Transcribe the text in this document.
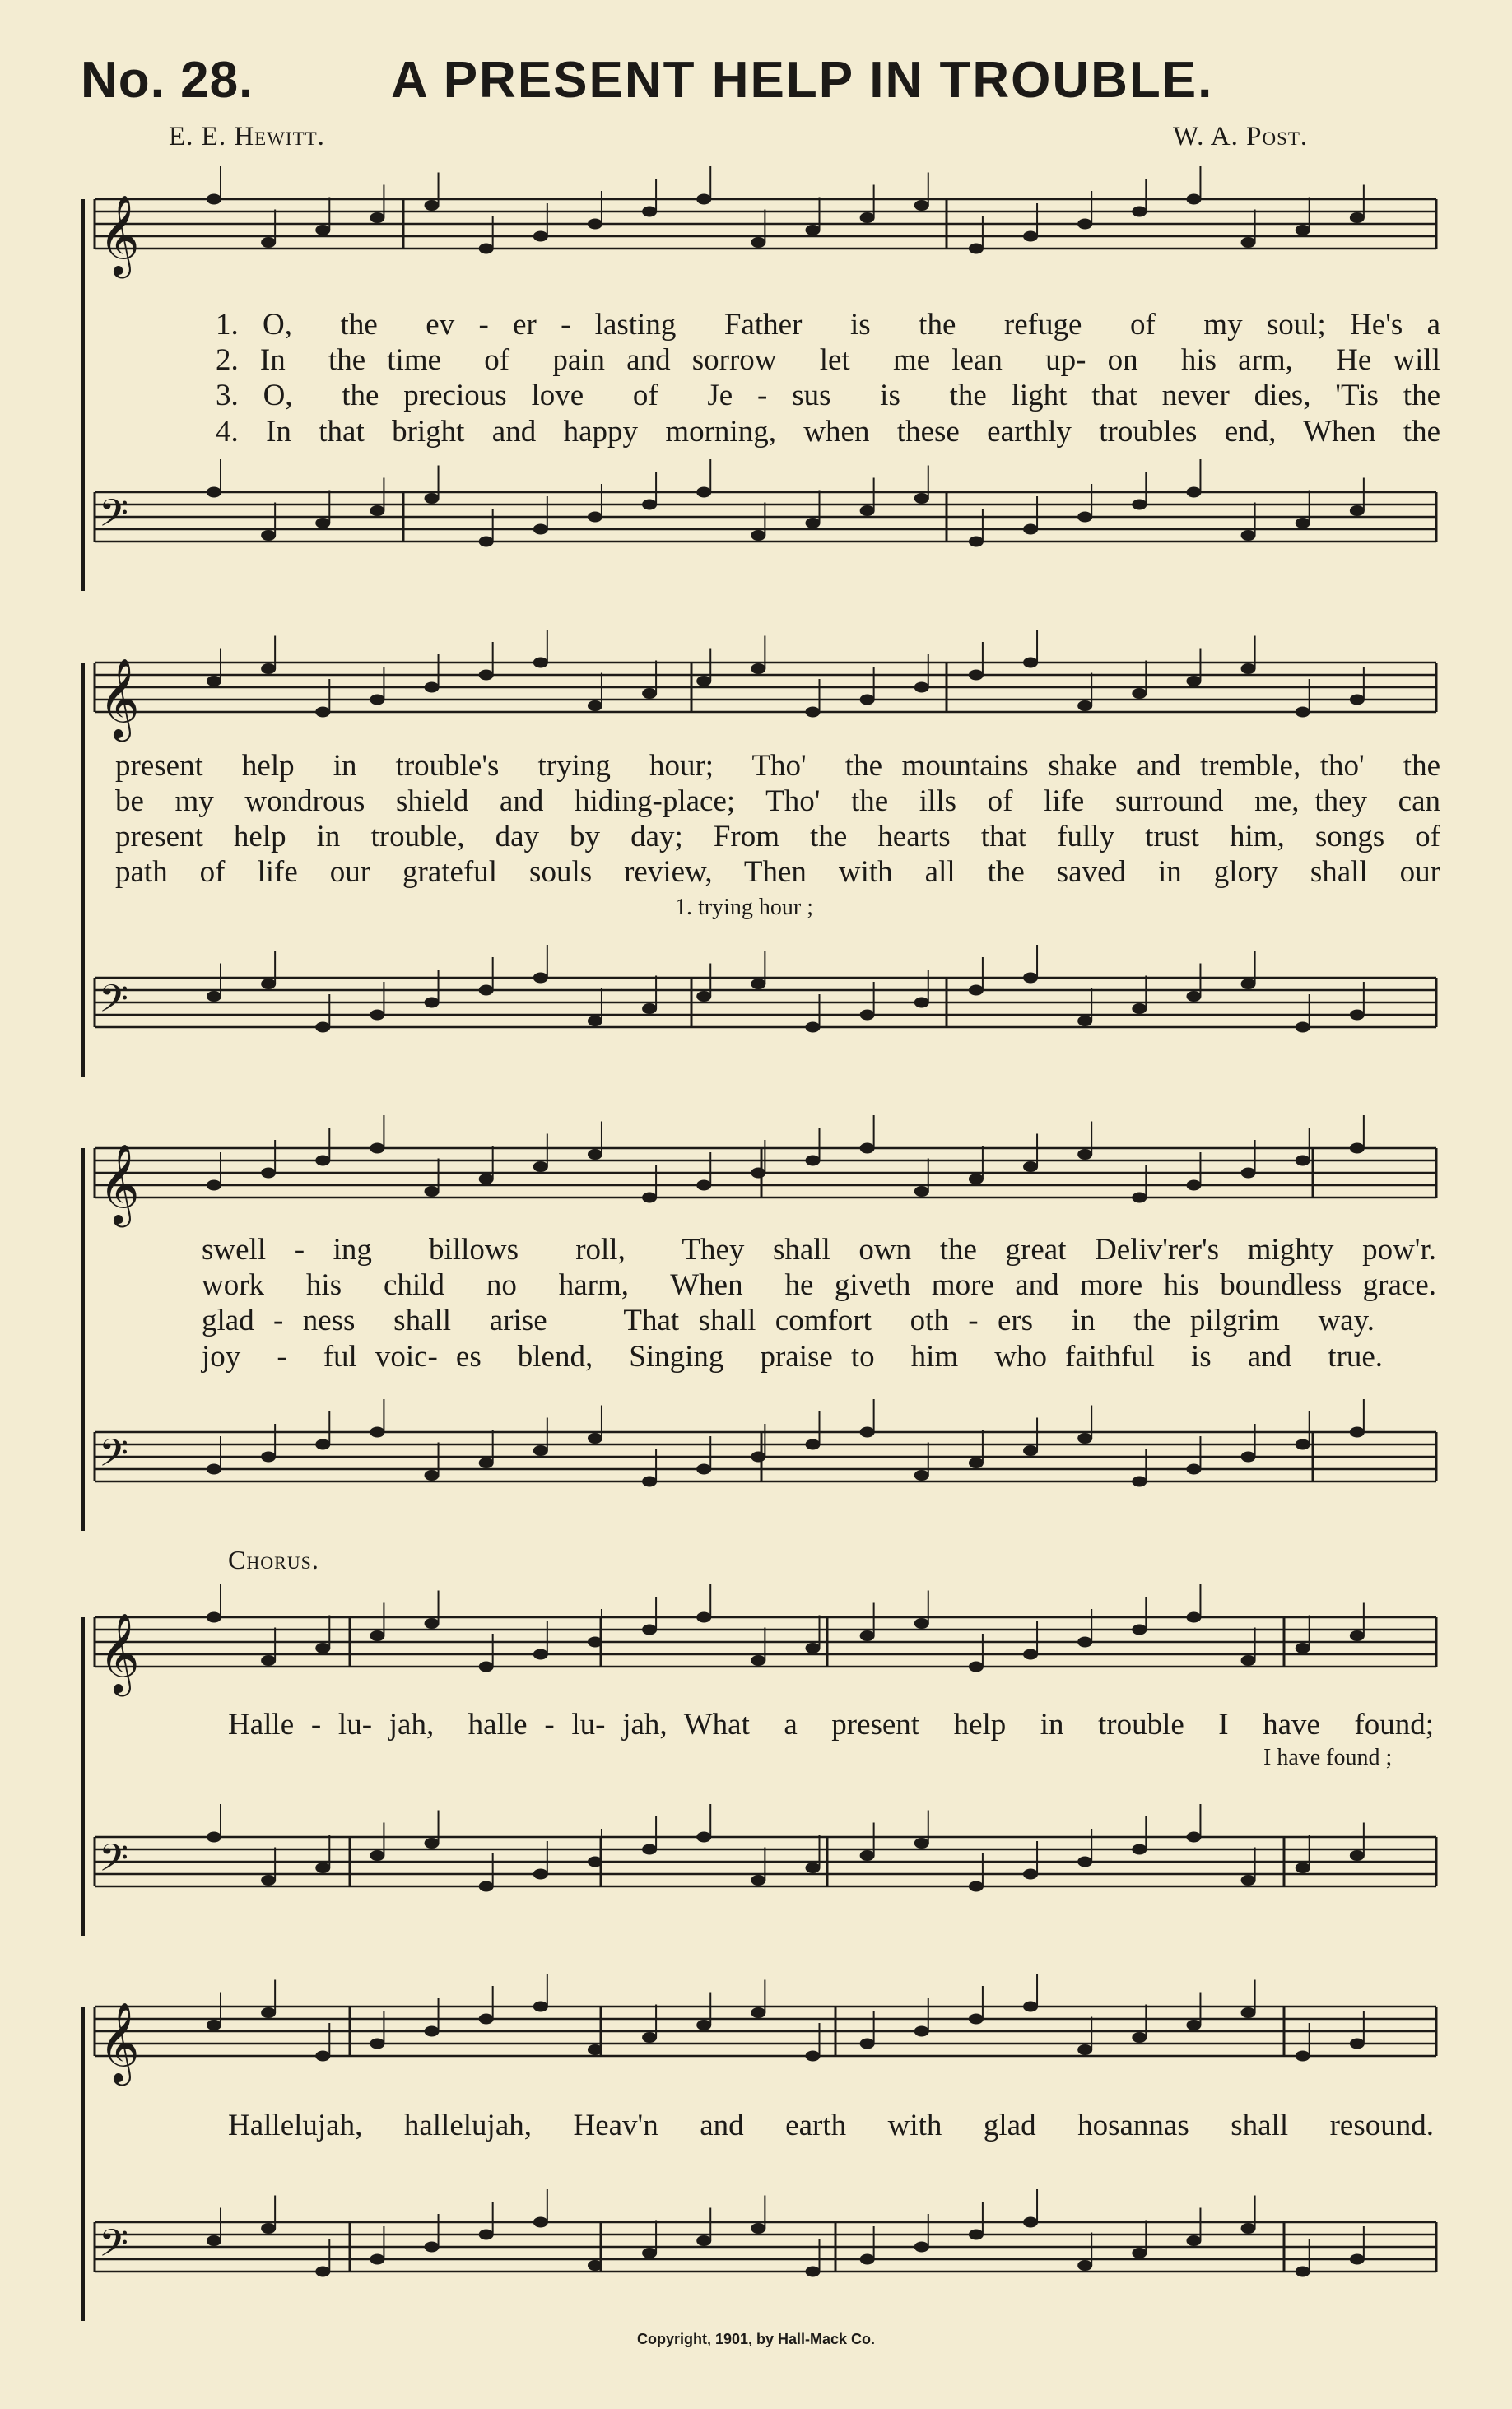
No. 28.	A PRESENT HELP IN TROUBLE.
E. E. Hewitt.	W. A. Post.
𝄞
𝄢
𝄞
𝄢
𝄞
𝄢
𝄞
𝄢
𝄞
𝄢
1. O,  the  ev - er - lasting  Father  is  the  refuge  of  my soul; He's a
2. In  the time  of  pain and sorrow  let  me lean  up- on  his arm,  He will
3. O,  the precious love  of  Je - sus  is  the light that never dies, 'Tis the
4. In that bright and happy morning, when these earthly troubles end, When the
present  help  in  trouble's  trying  hour;  Tho'  the mountains shake and tremble, tho'  the
be  my  wondrous  shield  and  hiding-place;  Tho'  the  ills  of  life  surround  me, they  can
present  help  in  trouble,  day  by  day;  From  the  hearts  that  fully  trust  him,  songs  of
path  of  life  our  grateful  souls  review,  Then  with  all  the  saved  in  glory  shall  our
1. trying hour ;
swell - ing  billows  roll,  They shall own the great Deliv'rer's mighty pow'r.
work  his  child  no  harm,  When  he giveth more and more his boundless grace.
glad - ness  shall  arise    That shall comfort  oth - ers  in  the pilgrim  way.
joy  -  ful voic- es  blend,  Singing  praise to  him  who faithful  is  and  true.
Chorus.
Halle - lu- jah,  halle - lu- jah, What  a  present  help  in  trouble  I  have  found;
I have found ;
Hallelujah,  hallelujah,  Heav'n  and  earth  with  glad  hosannas  shall  resound.
Copyright, 1901, by Hall-Mack Co.
